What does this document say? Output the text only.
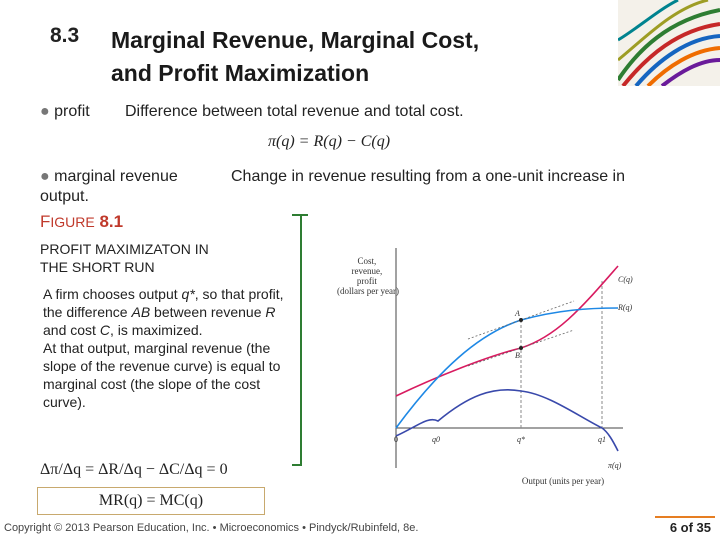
8.3 Marginal Revenue, Marginal Cost,
and Profit Maximization
● profit Difference between total revenue and total cost.
π(q) = R(q) − C(q)
● marginal revenue	Change in revenue resulting from a one-unit increase in
output.
FIGURE 8.1
PROFIT MAXIMIZATON IN
THE SHORT RUN

A firm chooses output q*, so that profit, the difference AB between revenue R and cost C, is maximized.

At that output, marginal revenue (the slope of the revenue curve) is equal to marginal cost (the slope of the cost curve).

Δπ/Δq = ΔR/Δq − ΔC/Δq = 0
MR(q) = MC(q)
Cost, revenue, profit (dollars per year)
A
B
C(q)
R(q)
π(q)
0	q0	q*	q1
Output (units per year)
Copyright © 2013 Pearson Education, Inc. • Microeconomics • Pindyck/Rubinfeld, 8e.	6 of 35
